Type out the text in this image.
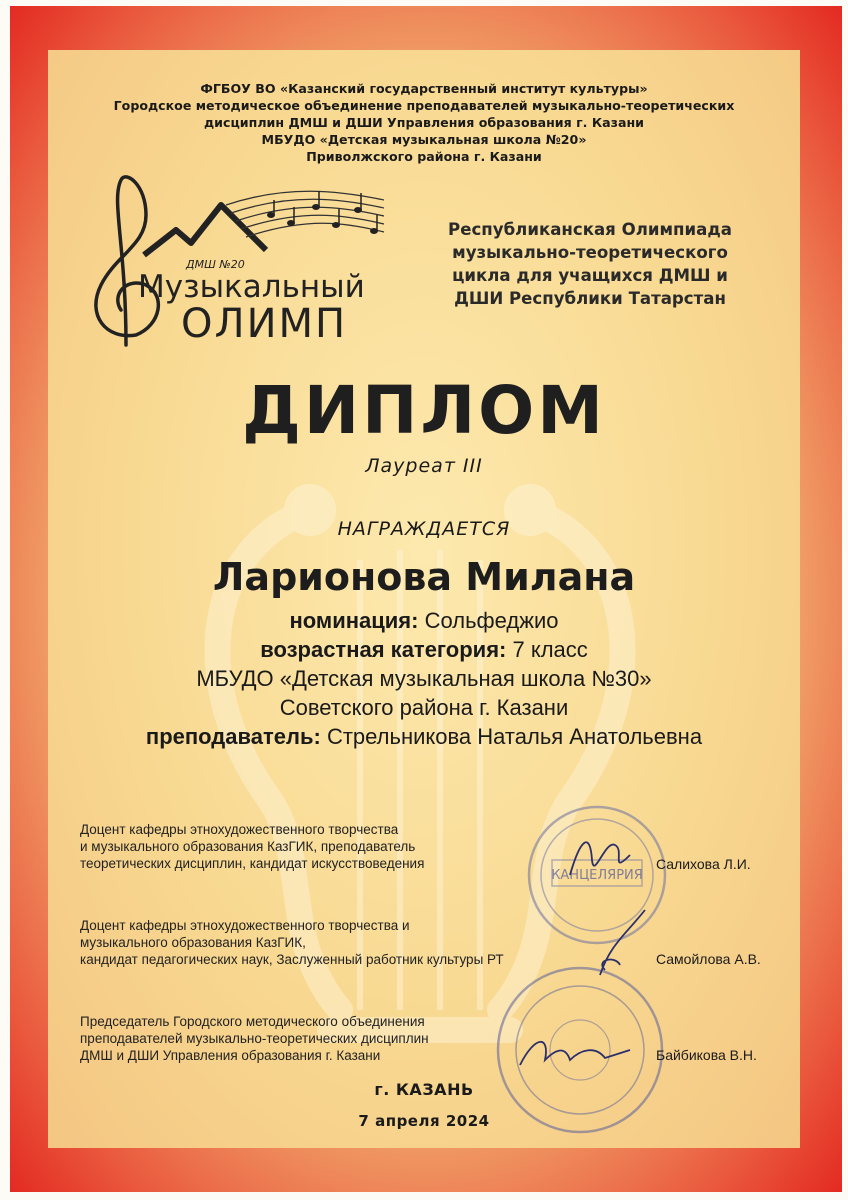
ФГБОУ ВО «Казанский государственный институт культуры»
Городское методическое объединение преподавателей музыкально-теоретических
дисциплин ДМШ и ДШИ Управления образования г. Казани
МБУДО «Детская музыкальная школа №20»
Приволжского района г. Казани
ДМШ №20
Музыкальный
ОЛИМП
Республиканская Олимпиада
музыкально-теоретического
цикла для учащихся ДМШ и
ДШИ Республики Татарстан
ДИПЛОМ
Лауреат III
НАГРАЖДАЕТСЯ
Ларионова Милана
номинация: Сольфеджио
возрастная категория: 7 класс
МБУДО «Детская музыкальная школа №30»
Советского района г. Казани
преподаватель: Стрельникова Наталья Анатольевна
КАНЦЕЛЯРИЯ
Доцент кафедры этнохудожественного творчества
и музыкального образования КазГИК, преподаватель
теоретических дисциплин, кандидат искусствоведения	Салихова Л.И.
Доцент кафедры этнохудожественного творчества и
музыкального образования КазГИК,
кандидат педагогических наук, Заслуженный работник культуры РТ	Самойлова А.В.
Председатель Городского методического объединения
преподавателей музыкально-теоретических дисциплин
ДМШ и ДШИ Управления образования г. Казани	Байбикова В.Н.
г. КАЗАНЬ
7 апреля 2024
